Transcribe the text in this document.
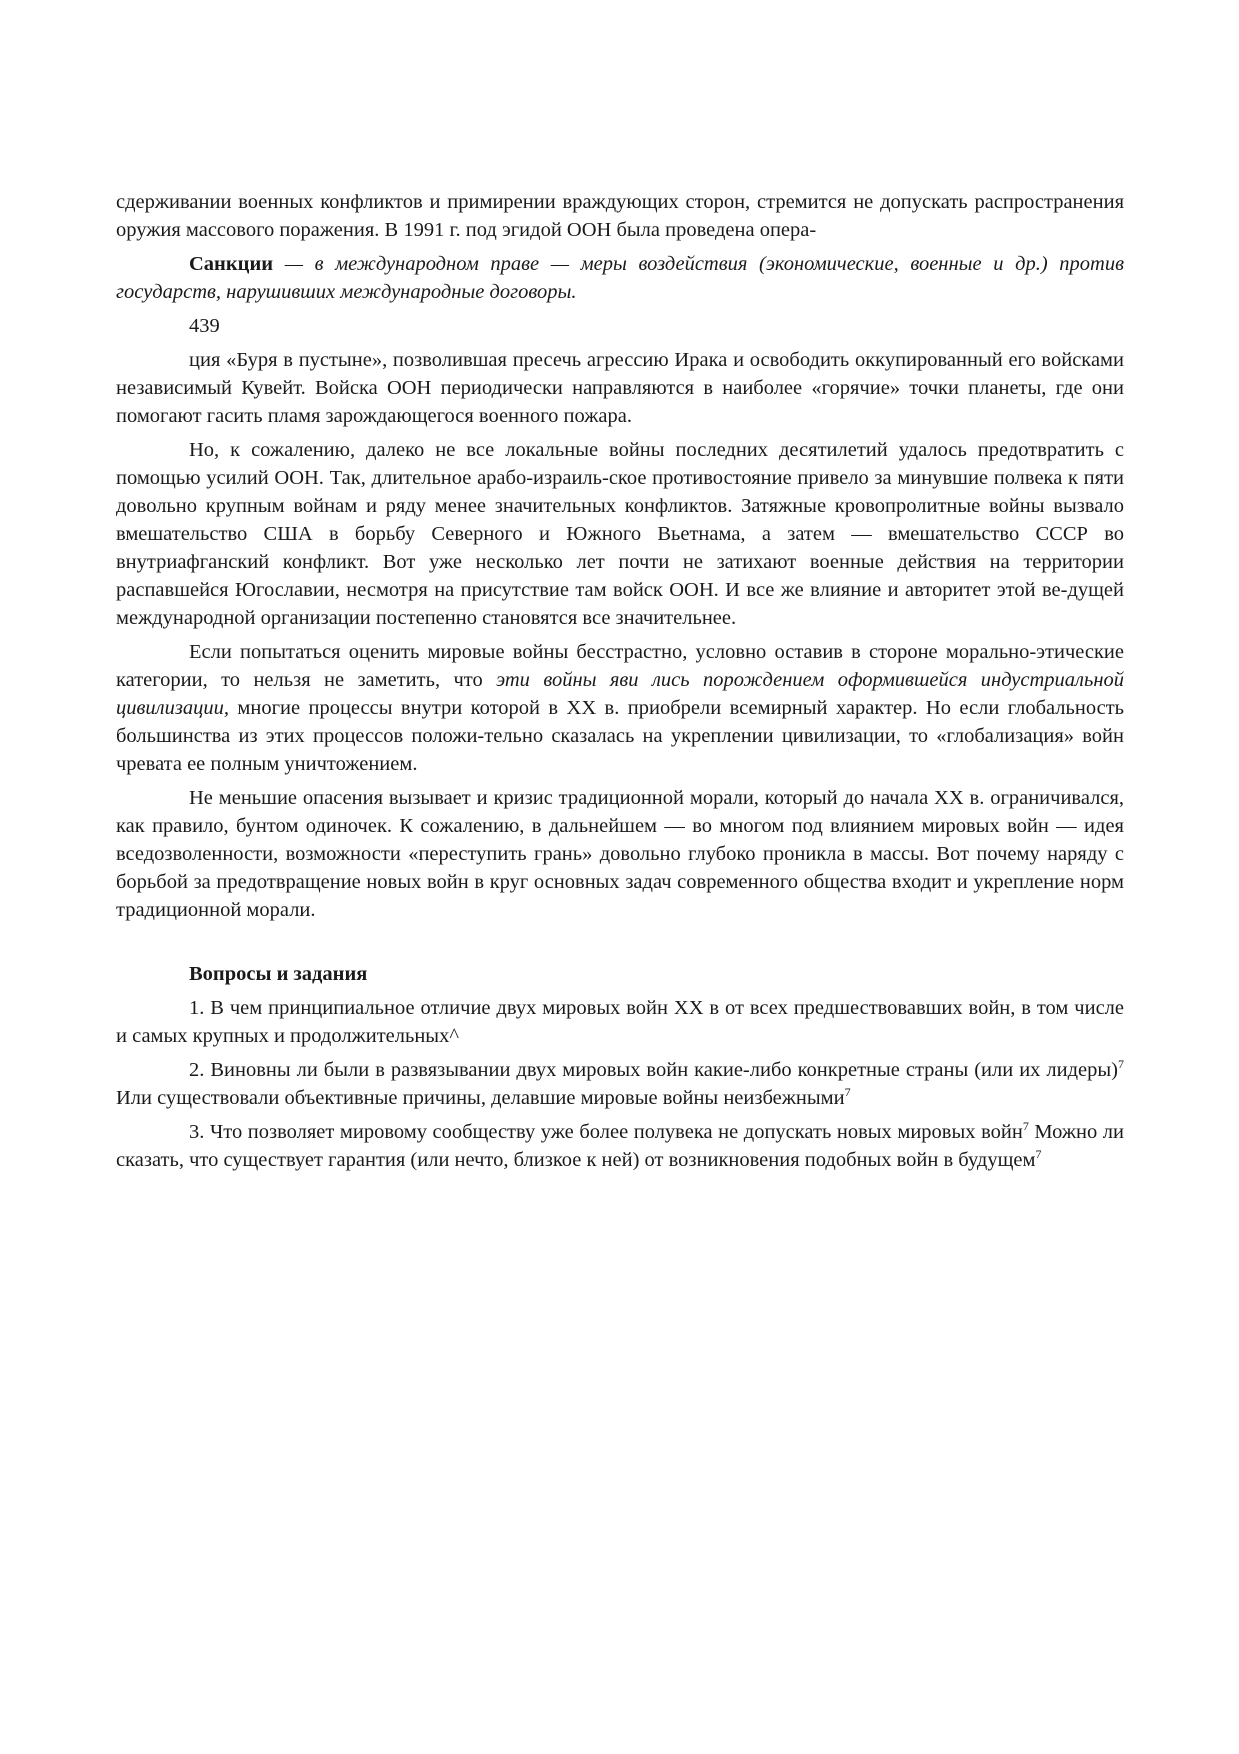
сдерживании военных конфликтов и примирении враждующих сторон, стремится не допускать распространения оружия массового поражения. В 1991 г. под эгидой ООН была проведена опера-

Санкции — в международном праве — меры воздействия (экономические, военные и др.) против государств, нарушивших международные договоры.

439

ция «Буря в пустыне», позволившая пресечь агрессию Ирака и освободить оккупированный его войсками независимый Кувейт. Войска ООН периодически направляются в наиболее «горячие» точки планеты, где они помогают гасить пламя зарождающегося военного пожара.

Но, к сожалению, далеко не все локальные войны последних десятилетий удалось предотвратить с помощью усилий ООН. Так, длительное арабо-израиль-ское противостояние привело за минувшие полвека к пяти довольно крупным войнам и ряду менее значительных конфликтов. Затяжные кровопролитные войны вызвало вмешательство США в борьбу Северного и Южного Вьетнама, а затем — вмешательство СССР во внутриафганский конфликт. Вот уже несколько лет почти не затихают военные действия на территории распавшейся Югославии, несмотря на присутствие там войск ООН. И все же влияние и авторитет этой ве-дущей международной организации постепенно становятся все значительнее.

Если попытаться оценить мировые войны бесстрастно, условно оставив в стороне морально-этические категории, то нельзя не заметить, что эти войны яви лись порождением оформившейся индустриальной цивилизации, многие процессы внутри которой в XX в. приобрели всемирный характер. Но если глобальность большинства из этих процессов положи-тельно сказалась на укреплении цивилизации, то «глобализация» войн чревата ее полным уничтожением.

Не меньшие опасения вызывает и кризис традиционной морали, который до начала XX в. ограничивался, как правило, бунтом одиночек. К сожалению, в дальнейшем — во многом под влиянием мировых войн — идея вседозволенности, возможности «переступить грань» довольно глубоко проникла в массы. Вот почему наряду с борьбой за предотвращение новых войн в круг основных задач современного общества входит и укрепление норм традиционной морали.

Вопросы и задания

1. В чем принципиальное отличие двух мировых войн XX в от всех предшествовавших войн, в том числе и самых крупных и продолжительных^

2. Виновны ли были в развязывании двух мировых войн какие-либо конкретные страны (или их лидеры)$^7$ Или существовали объективные причины, делавшие мировые войны неизбежными$^7$

3. Что позволяет мировому сообществу уже более полувека не допускать новых мировых войн$^7$ Можно ли сказать, что существует гарантия (или нечто, близкое к ней) от возникновения подобных войн в будущем$^7$
